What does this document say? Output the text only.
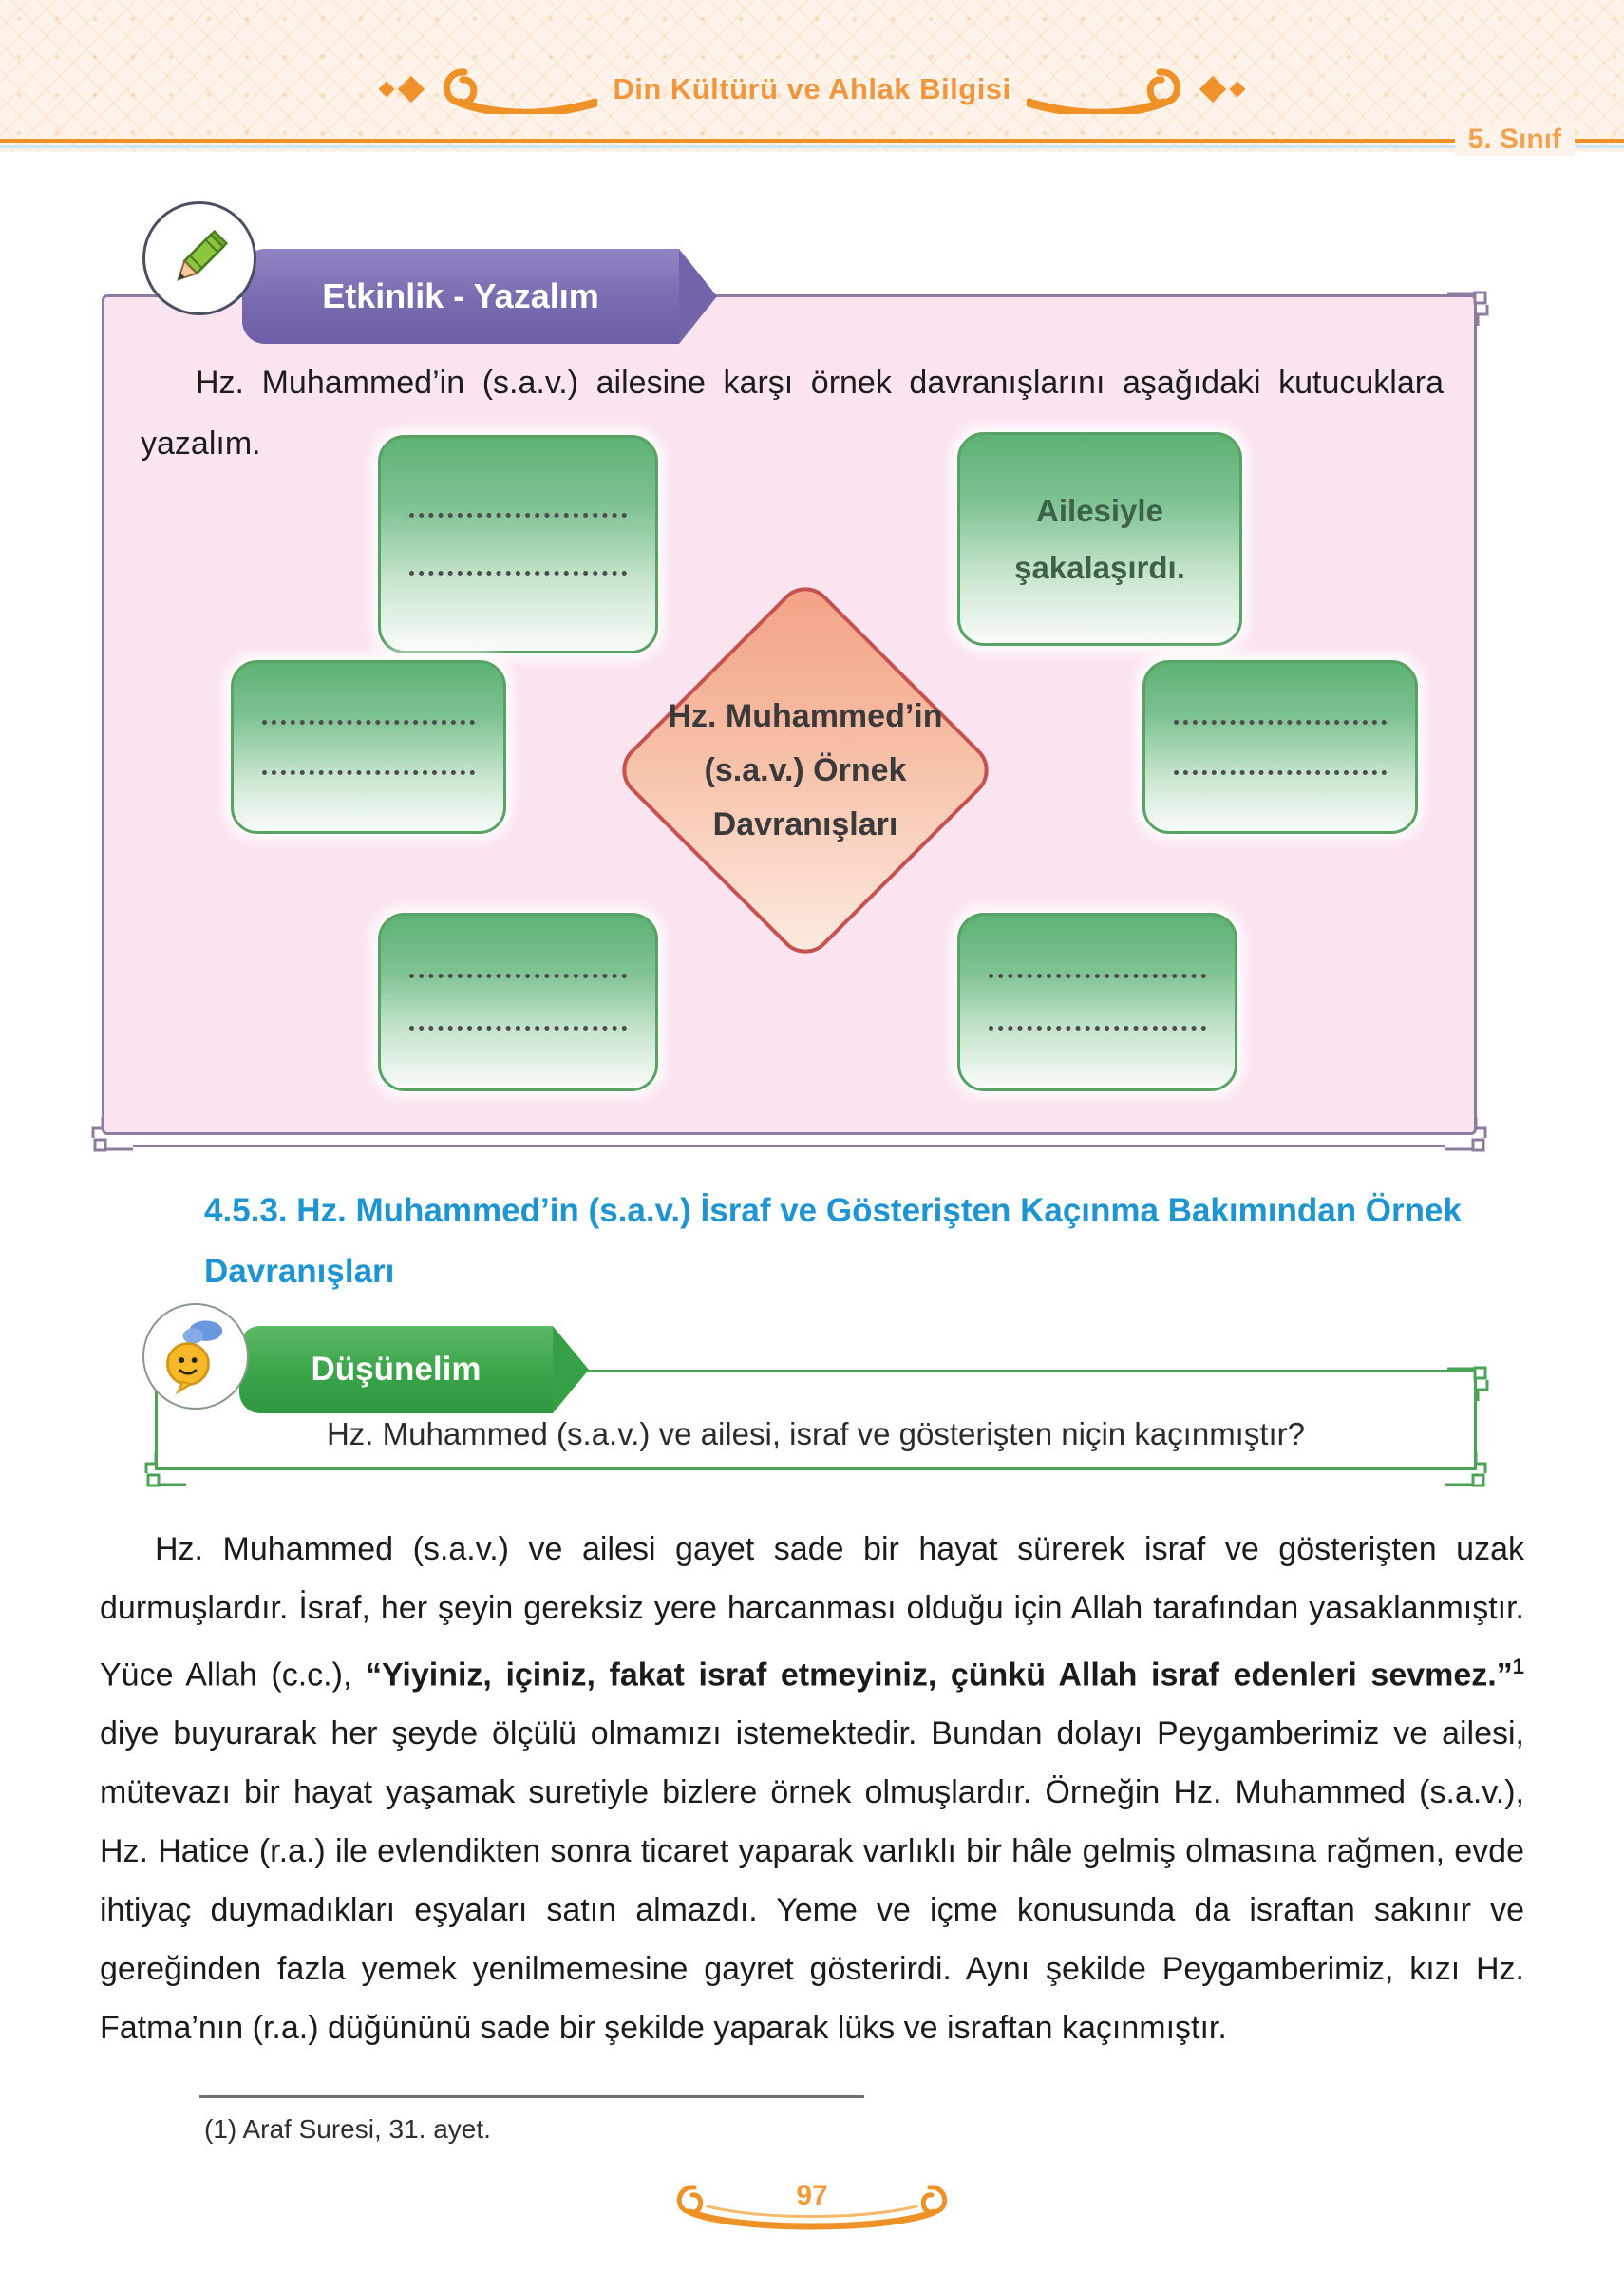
Din Kültürü ve Ahlak Bilgisi
5. Sınıf
Etkinlik - Yazalım
Hz. Muhammed’in (s.a.v.) ailesine karşı örnek davranışlarını aşağıdaki kutucuklara yazalım.
Ailesiyle şakalaşırdı.
Hz. Muhammed’in
(s.a.v.) Örnek
Davranışları
4.5.3. Hz. Muhammed’in (s.a.v.) İsraf ve Gösterişten Kaçınma Bakımından Örnek Davranışları
Düşünelim
Hz. Muhammed (s.a.v.) ve ailesi, israf ve gösterişten niçin kaçınmıştır?

Hz. Muhammed (s.a.v.) ve ailesi gayet sade bir hayat sürerek israf ve gösterişten uzak durmuşlardır. İsraf, her şeyin gereksiz yere harcanması olduğu için Allah tarafından yasaklanmıştır. Yüce Allah (c.c.), “Yiyiniz, içiniz, fakat israf etmeyiniz, çünkü Allah israf edenleri sevmez.”$^1$ diye buyurarak her şeyde ölçülü olmamızı istemektedir. Bundan dolayı Peygamberimiz ve ailesi, mütevazı bir hayat yaşamak suretiyle bizlere örnek olmuşlardır. Örneğin Hz. Muhammed (s.a.v.), Hz. Hatice (r.a.) ile evlendikten sonra ticaret yaparak varlıklı bir hâle gelmiş olmasına rağmen, evde ihtiyaç duymadıkları eşyaları satın almazdı. Yeme ve içme konusunda da israftan sakınır ve gereğinden fazla yemek yenilmemesine gayret gösterirdi. Aynı şekilde Peygamberimiz, kızı Hz. Fatma’nın (r.a.) düğününü sade bir şekilde yaparak lüks ve israftan kaçınmıştır.

(1) Araf Suresi, 31. ayet.
97
